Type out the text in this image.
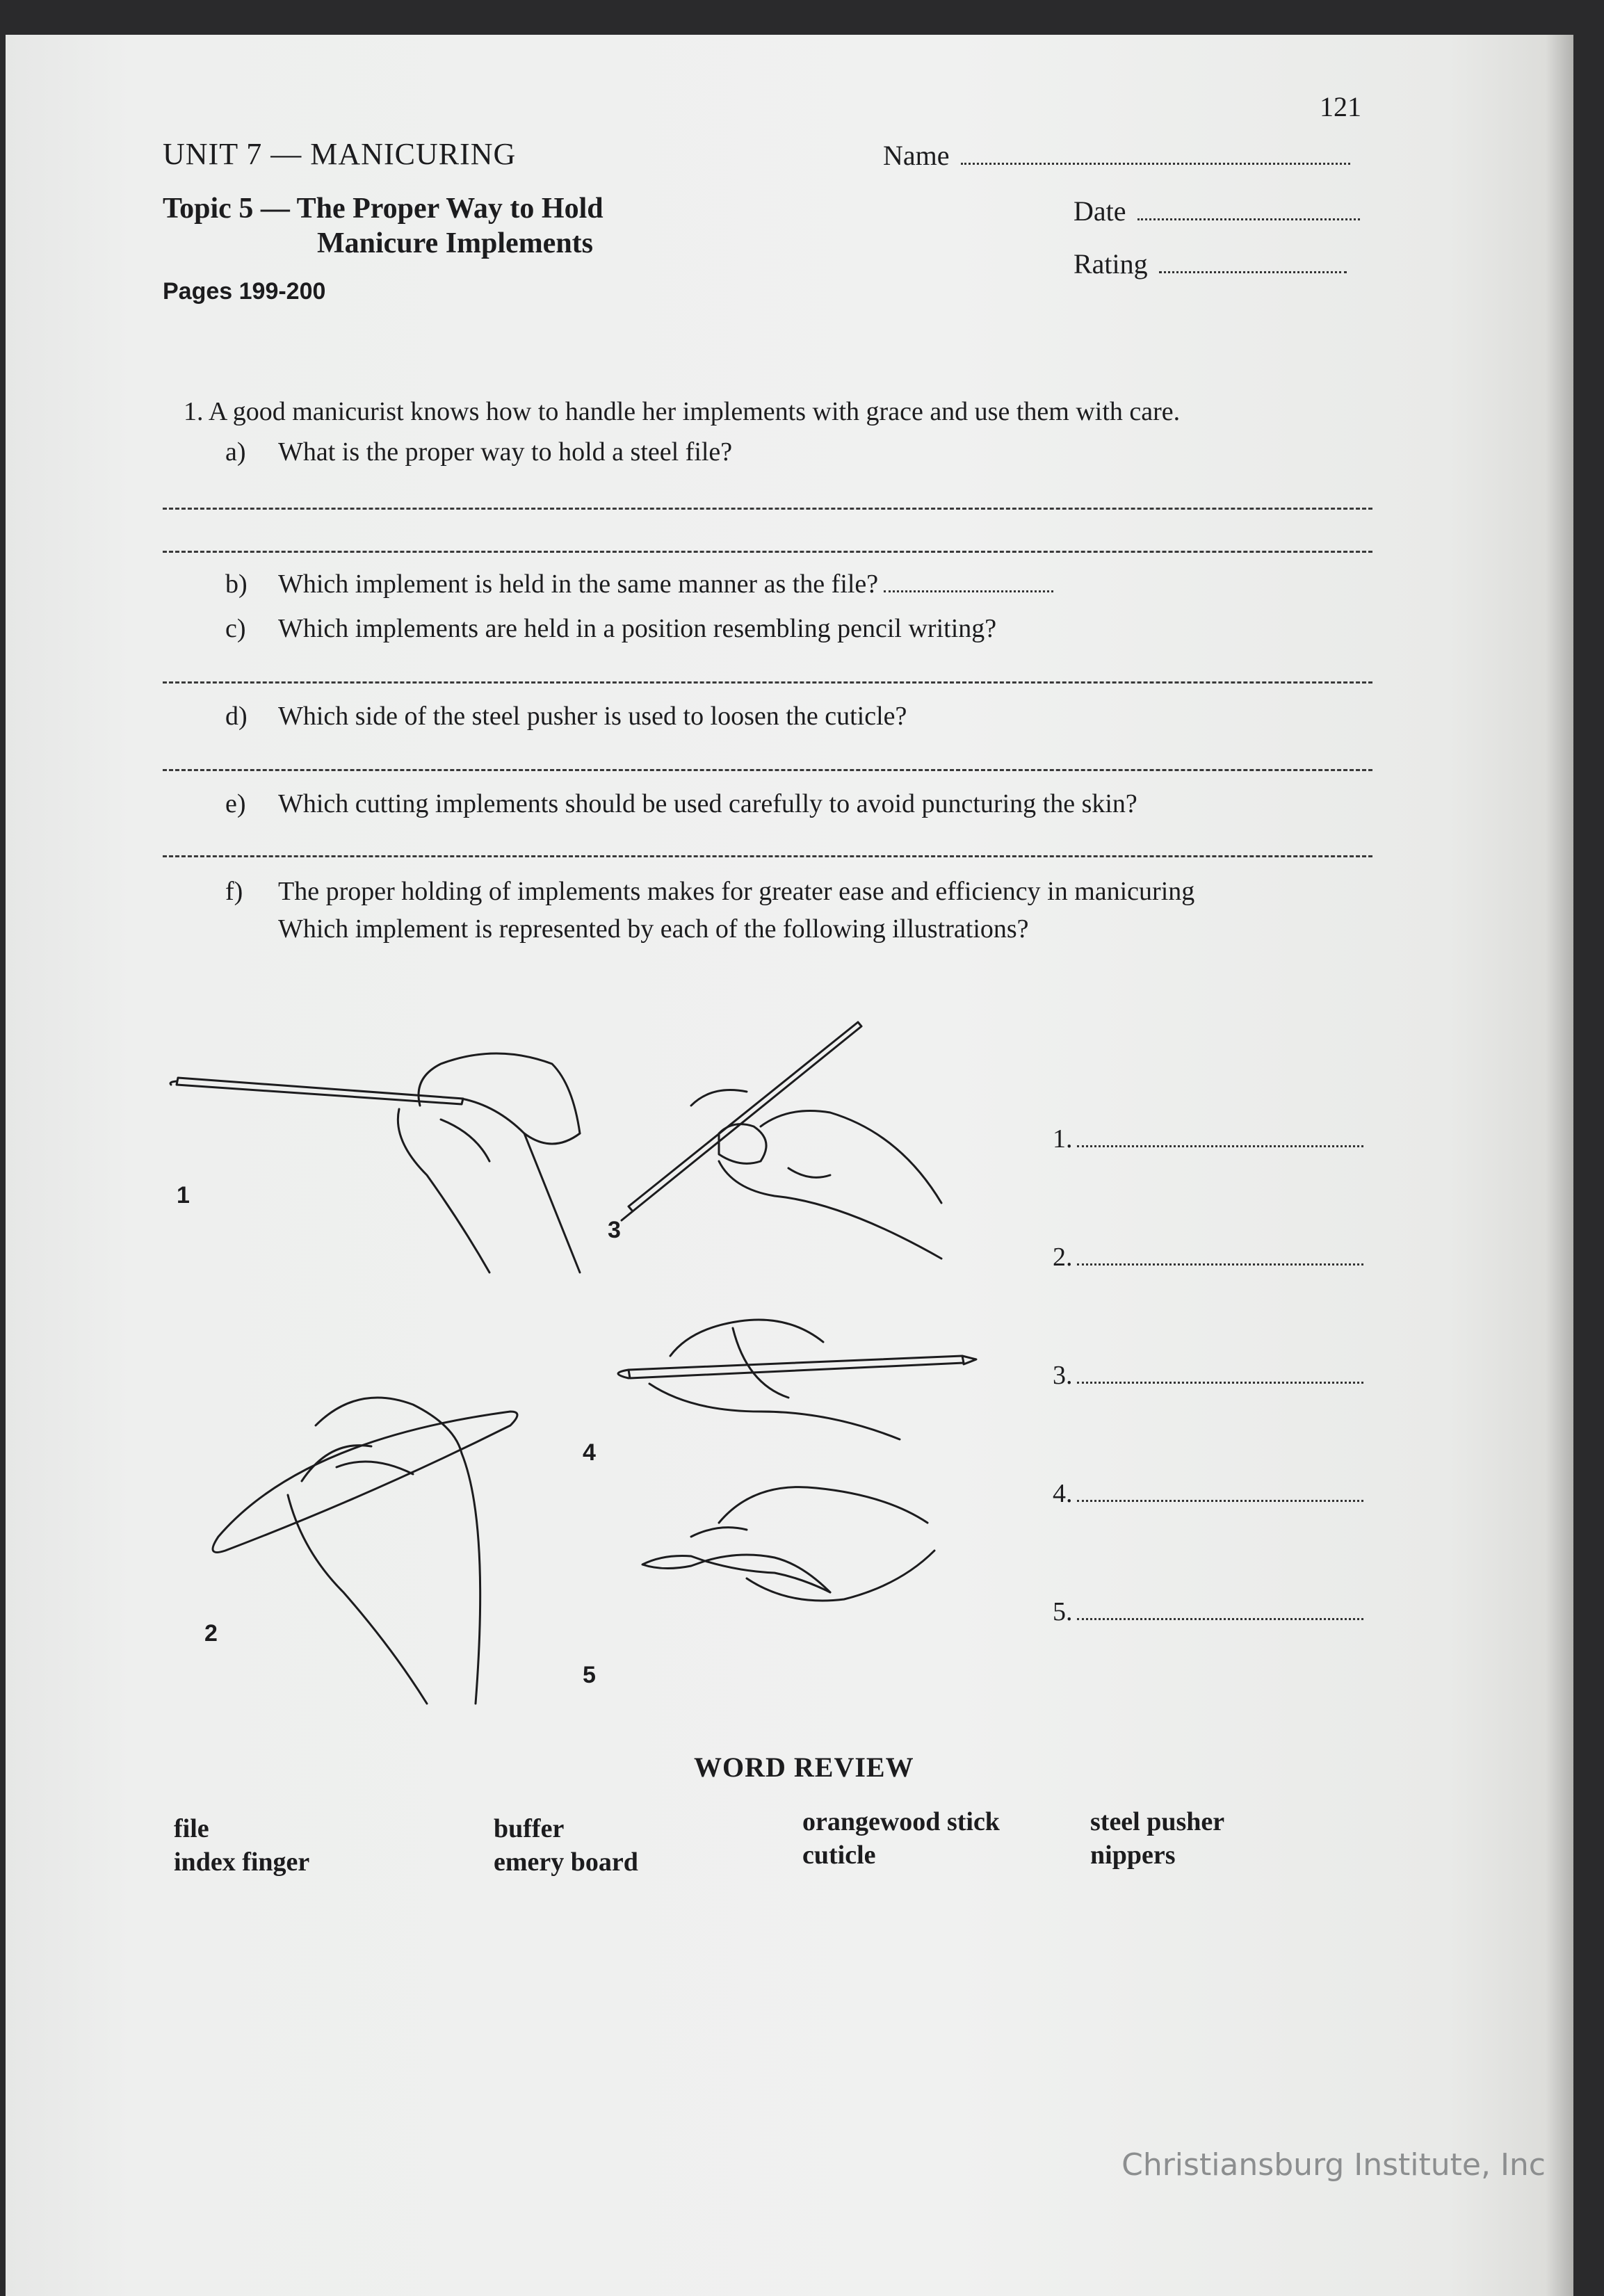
121
UNIT 7 — MANICURING
Topic 5 — The Proper Way to Hold
Manicure Implements
Pages 199-200
Name
Date
Rating
1. A good manicurist knows how to handle her implements with grace and use them with care.
a) What is the proper way to hold a steel file?
b) Which implement is held in the same manner as the file?
c) Which implements are held in a position resembling pencil writing?
d) Which side of the steel pusher is used to loosen the cuticle?
e) Which cutting implements should be used carefully to avoid puncturing the skin?
f) The proper holding of implements makes for greater ease and efficiency in manicuring
Which implement is represented by each of the following illustrations?
1
2
3
4
5
1.
2.
3.
4.
5.
WORD REVIEW
file
index finger
buffer
emery board
orangewood stick
cuticle
steel pusher
nippers
Christiansburg Institute, Inc
